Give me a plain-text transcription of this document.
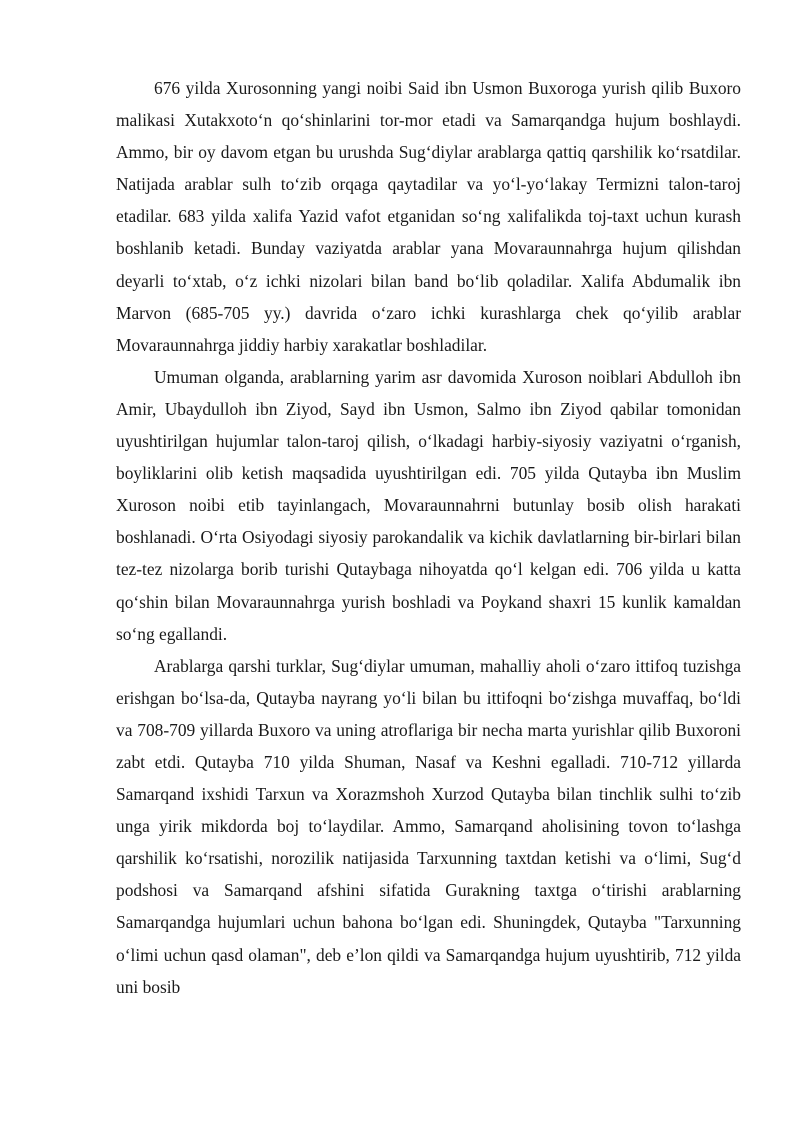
676 yilda Xurosonning yangi noibi Said ibn Usmon Buxoroga yurish qilib Buxoro malikasi Xutakxoto‘n qo‘shinlarini tor-mor etadi va Samarqandga hujum boshlaydi. Ammo, bir oy davom etgan bu urushda Sug‘diylar arablarga qattiq qarshilik ko‘rsatdilar. Natijada arablar sulh to‘zib orqaga qaytadilar va yo‘l-yo‘lakay Termizni talon-taroj etadilar. 683 yilda xalifa Yazid vafot etganidan so‘ng xalifalikda toj-taxt uchun kurash boshlanib ketadi. Bunday vaziyatda arablar yana Movaraunnahrga hujum qilishdan deyarli to‘xtab, o‘z ichki nizolari bilan band bo‘lib qoladilar. Xalifa Abdumalik ibn Marvon (685-705 yy.) davrida o‘zaro ichki kurashlarga chek qo‘yilib arablar Movaraunnahrga jiddiy harbiy xarakatlar boshladilar.

Umuman olganda, arablarning yarim asr davomida Xuroson noiblari Abdulloh ibn Amir, Ubaydulloh ibn Ziyod, Sayd ibn Usmon, Salmo ibn Ziyod qabilar tomonidan uyushtirilgan hujumlar talon-taroj qilish, o‘lkadagi harbiy-siyosiy vaziyatni o‘rganish, boyliklarini olib ketish maqsadida uyushtirilgan edi. 705 yilda Qutayba ibn Muslim Xuroson noibi etib tayinlangach, Movaraunnahrni butunlay bosib olish harakati boshlanadi. O‘rta Osiyodagi siyosiy parokandalik va kichik davlatlarning bir-birlari bilan tez-tez nizolarga borib turishi Qutaybaga nihoyatda qo‘l kelgan edi. 706 yilda u katta qo‘shin bilan Movaraunnahrga yurish boshladi va Poykand shaxri 15 kunlik kamaldan so‘ng egallandi.

Arablarga qarshi turklar, Sug‘diylar umuman, mahalliy aholi o‘zaro ittifoq tuzishga erishgan bo‘lsa-da, Qutayba nayrang yo‘li bilan bu ittifoqni bo‘zishga muvaffaq, bo‘ldi va 708-709 yillarda Buxoro va uning atroflariga bir necha marta yurishlar qilib Buxoroni zabt etdi. Qutayba 710 yilda Shuman, Nasaf va Keshni egalladi. 710-712 yillarda Samarqand ixshidi Tarxun va Xorazmshoh Xurzod Qutayba bilan tinchlik sulhi to‘zib unga yirik mikdorda boj to‘laydilar. Ammo, Samarqand aholisining tovon to‘lashga qarshilik ko‘rsatishi, norozilik natijasida Tarxunning taxtdan ketishi va o‘limi, Sug‘d podshosi va Samarqand afshini sifatida Gurakning taxtga o‘tirishi arablarning Samarqandga hujumlari uchun bahona bo‘lgan edi. Shuningdek, Qutayba "Tarxunning o‘limi uchun qasd olaman", deb e’lon qildi va Samarqandga hujum uyushtirib, 712 yilda uni bosib
